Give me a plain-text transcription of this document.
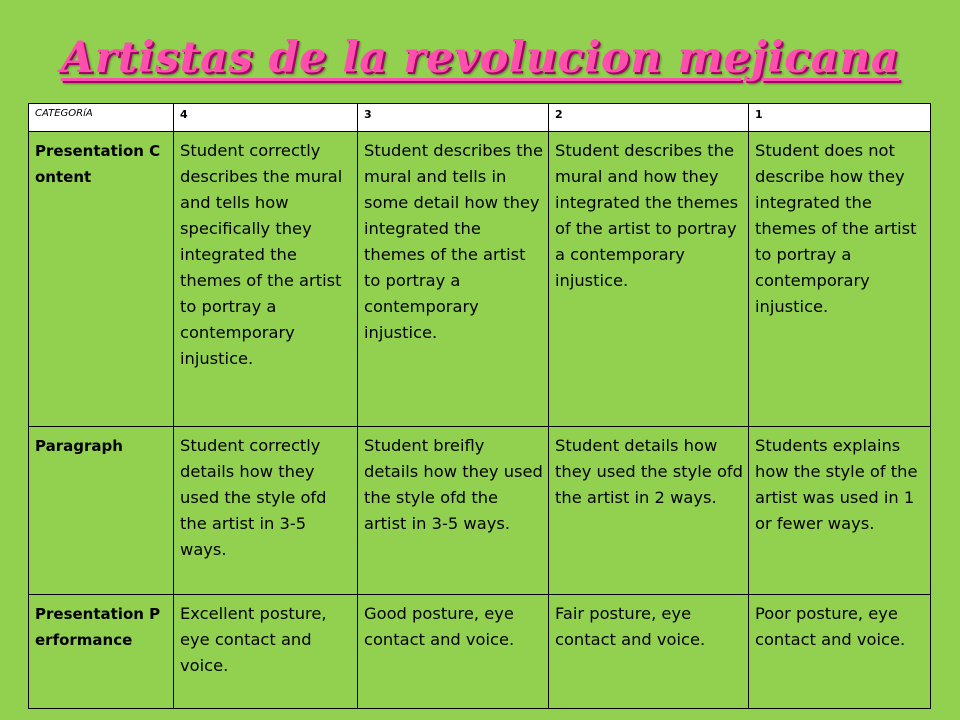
Artistas de la revolucion mejicana
CATEGORíA	4	3	2	1
Presentation Content	Student correctly describes the mural and tells how specifically they integrated the themes of the artist to portray a contemporary injustice.	Student describes the mural and tells in some detail how they integrated the themes of the artist to portray a contemporary injustice.	Student describes the mural and how they integrated the themes of the artist to portray a contemporary injustice.	Student does not describe how they integrated the themes of the artist to portray a contemporary injustice.
Paragraph	Student correctly details how they used the style ofd the artist in 3-5 ways.	Student breifly details how they used the style ofd the artist in 3-5 ways.	Student details how they used the style ofd the artist in 2 ways.	Students explains how the style of the artist was used in 1 or fewer ways.
Presentation Performance	Excellent posture, eye contact and voice.	Good posture, eye contact and voice.	Fair posture, eye contact and voice.	Poor posture, eye contact and voice.
